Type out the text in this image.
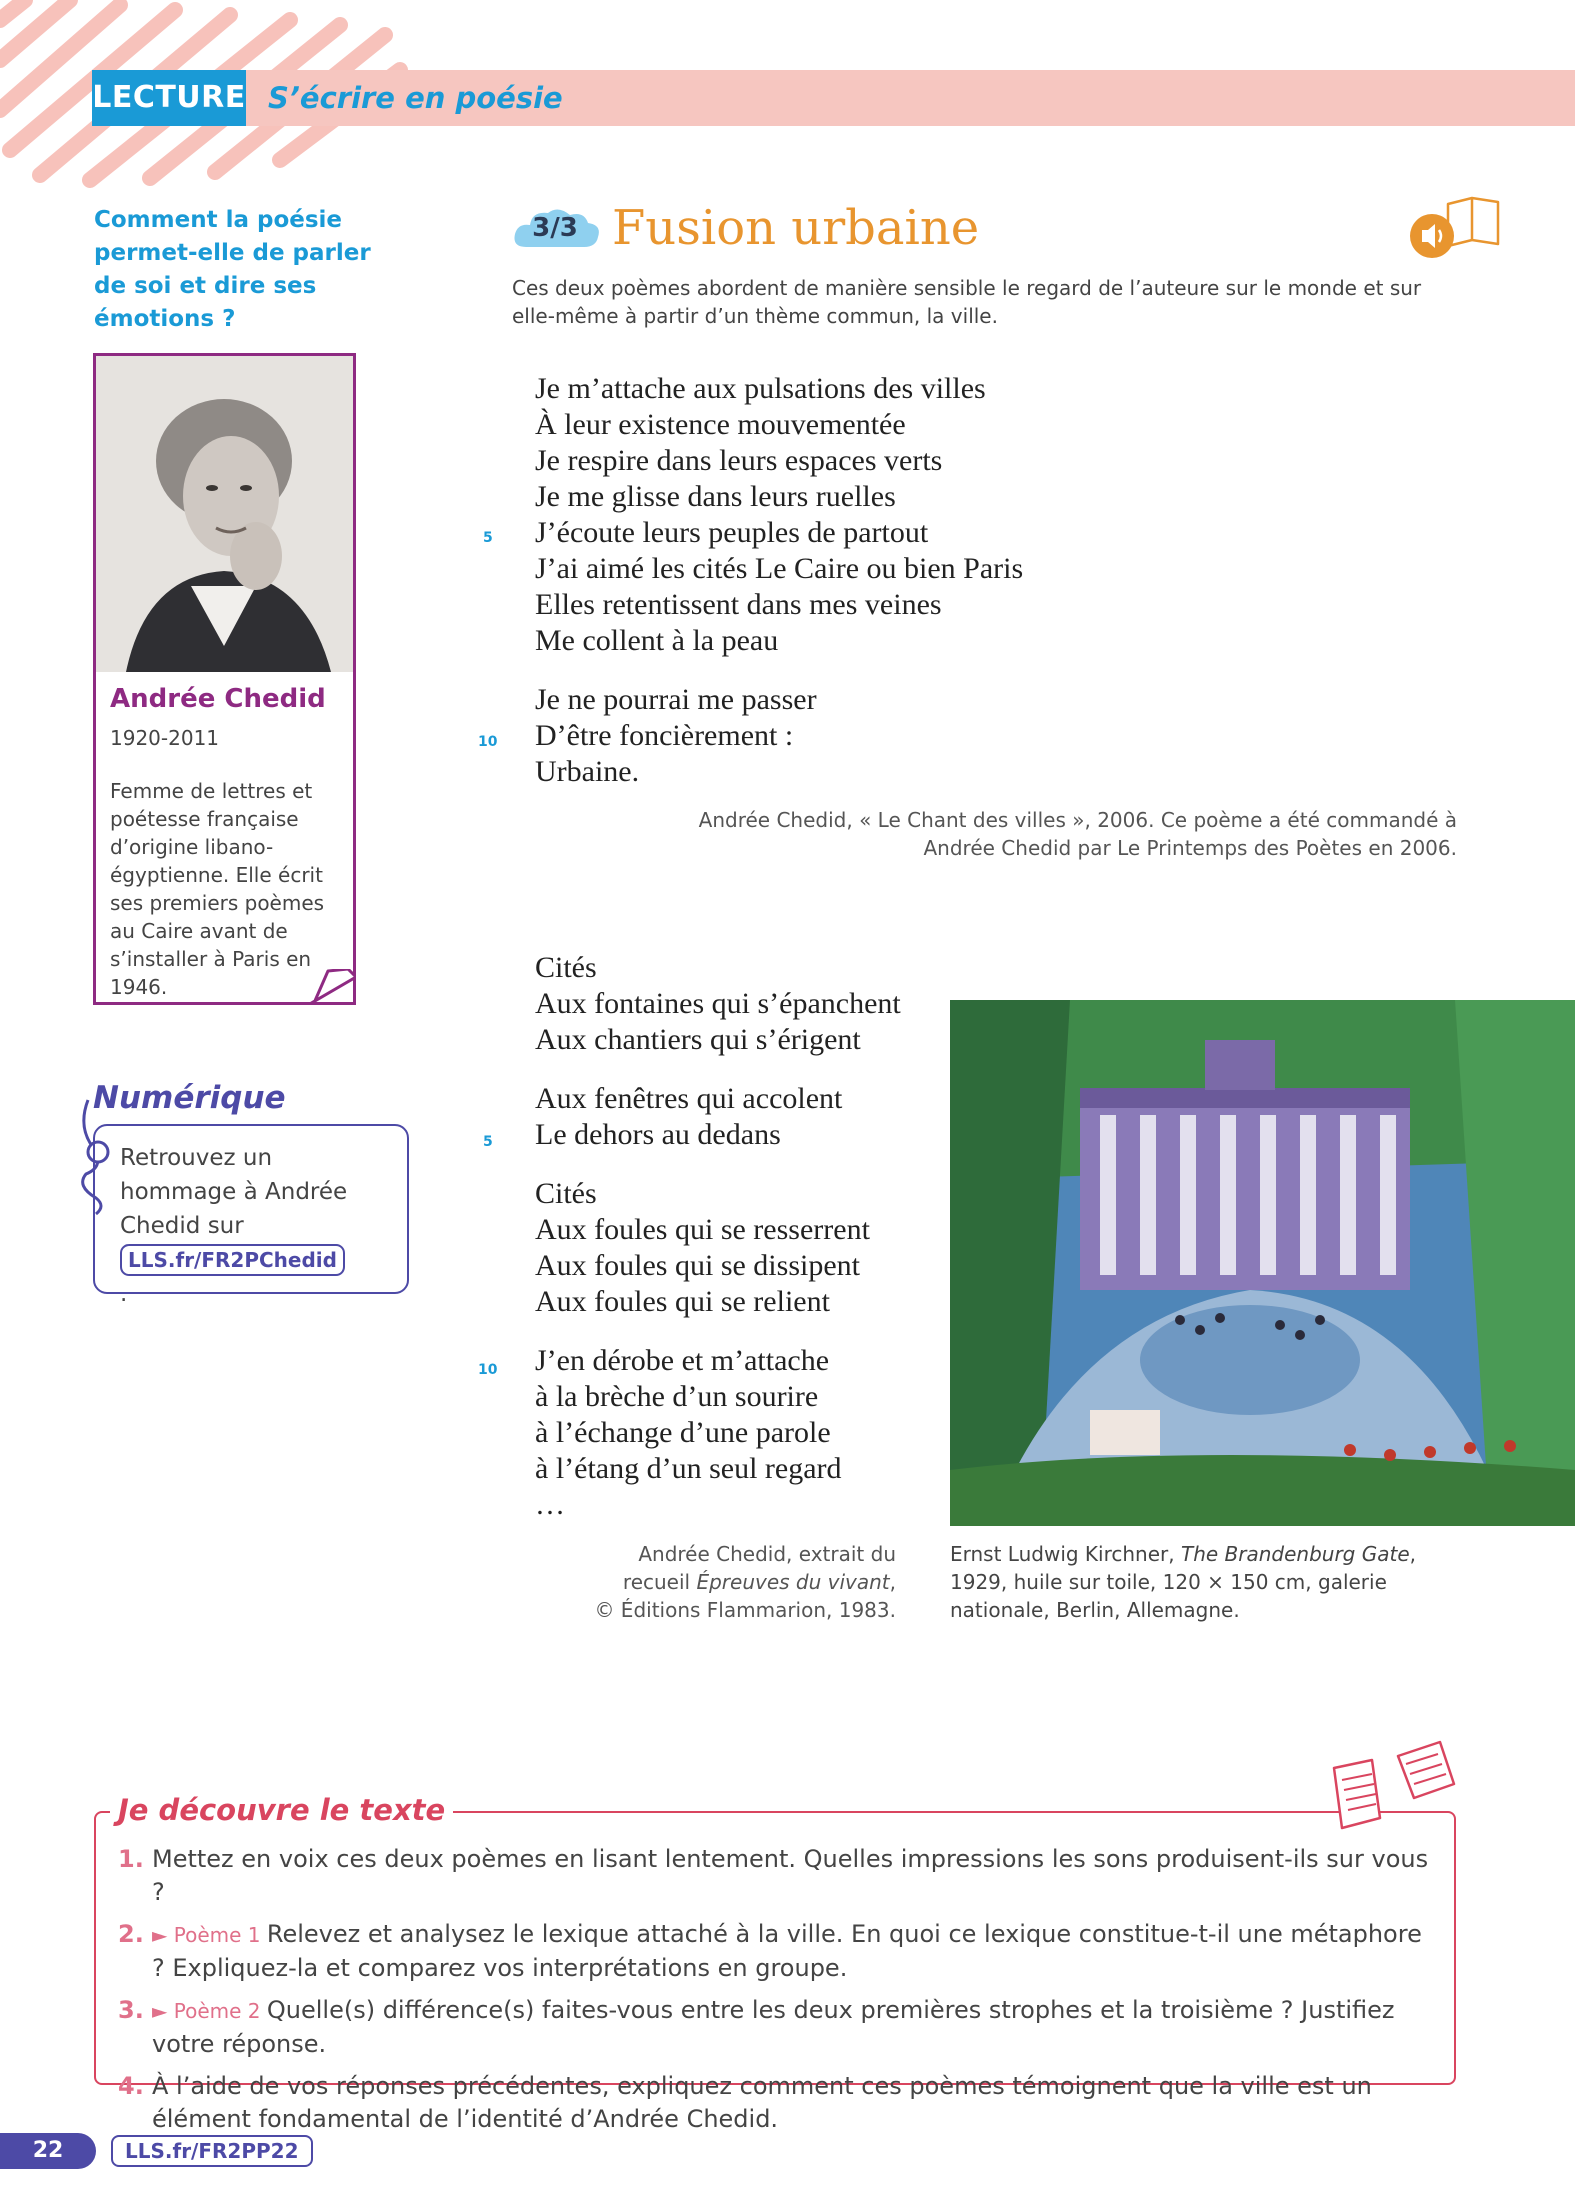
LECTURE S’écrire en poésie
Comment la poésie permet-elle de parler de soi et dire ses émotions ?
Andrée Chedid
1920-2011
Femme de lettres et poétesse française d’origine libano-égyptienne. Elle écrit ses premiers poèmes au Caire avant de s’installer à Paris en 1946.
Numérique
Retrouvez un hommage à Andrée Chedid sur LLS.fr/FR2PChedid.
3/3 Fusion urbaine
Ces deux poèmes abordent de manière sensible le regard de l’auteure sur le monde et sur elle-même à partir d’un thème commun, la ville.
Je m’attache aux pulsations des villes
À leur existence mouvementée
Je respire dans leurs espaces verts
Je me glisse dans leurs ruelles
J’écoute leurs peuples de partout
J’ai aimé les cités Le Caire ou bien Paris
Elles retentissent dans mes veines
Me collent à la peau
Je ne pourrai me passer
D’être foncièrement :
Urbaine.
5
10
Andrée Chedid, « Le Chant des villes », 2006. Ce poème a été commandé à Andrée Chedid par Le Printemps des Poètes en 2006.
Cités
Aux fontaines qui s’épanchent
Aux chantiers qui s’érigent
Aux fenêtres qui accolent
Le dehors au dedans
Cités
Aux foules qui se resserrent
Aux foules qui se dissipent
Aux foules qui se relient
J’en dérobe et m’attache
à la brèche d’un sourire
à l’échange d’une parole
à l’étang d’un seul regard
…
5
10
Andrée Chedid, extrait du
recueil Épreuves du vivant,
© Éditions Flammarion, 1983.
Ernst Ludwig Kirchner, The Brandenburg Gate, 1929, huile sur toile, 120 × 150 cm, galerie nationale, Berlin, Allemagne.
Je découvre le texte
1. Mettez en voix ces deux poèmes en lisant lentement. Quelles impressions les sons produisent-ils sur vous ?
2. ► Poème 1 Relevez et analysez le lexique attaché à la ville. En quoi ce lexique constitue-t-il une métaphore ? Expliquez-la et comparez vos interprétations en groupe.
3. ► Poème 2 Quelle(s) différence(s) faites-vous entre les deux premières strophes et la troisième ? Justifiez votre réponse.
4. À l’aide de vos réponses précédentes, expliquez comment ces poèmes témoignent que la ville est un élément fondamental de l’identité d’Andrée Chedid.
22	LLS.fr/FR2PP22
